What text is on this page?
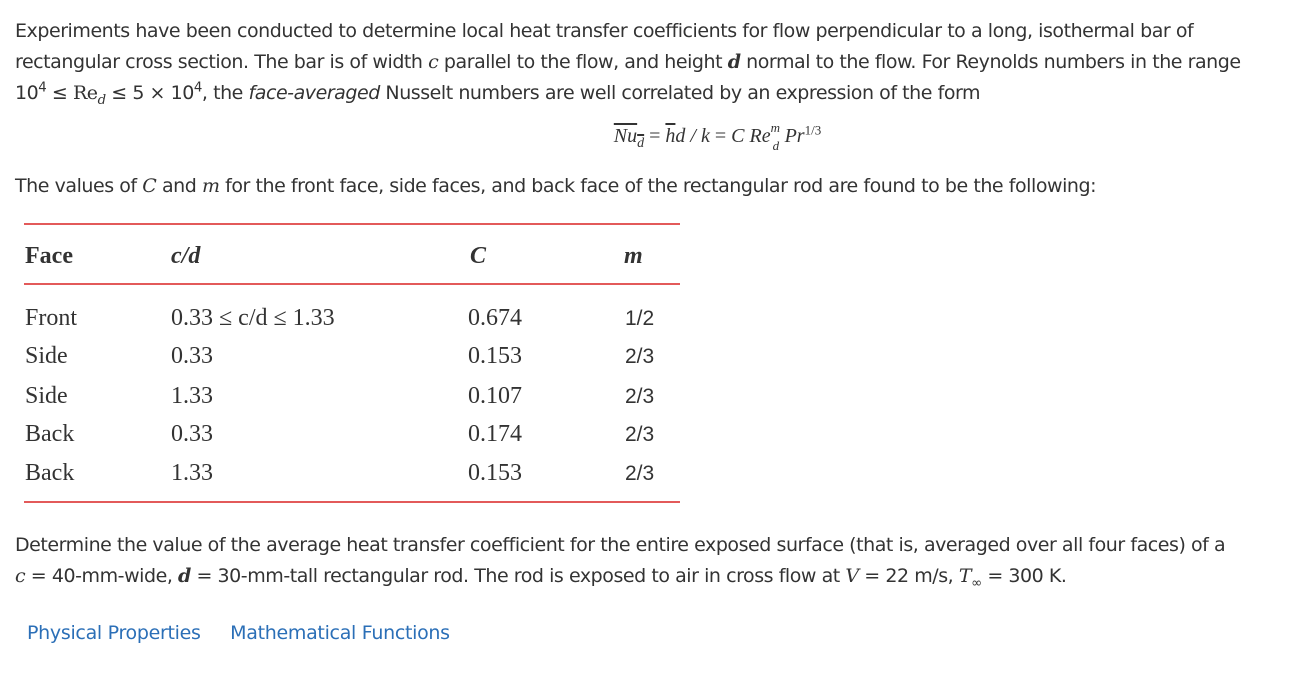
Experiments have been conducted to determine local heat transfer coefficients for flow perpendicular to a long, isothermal bar of
rectangular cross section. The bar is of width c parallel to the flow, and height d normal to the flow. For Reynolds numbers in the range
$10^4 \le Re_d \le 5 \times 10^4$, the face-averaged Nusselt numbers are well correlated by an expression of the form

$Nu_d = \overline{h}d / k = C$ Re m
d $Pr^{1/3}$

The values of C and m for the front face, side faces, and back face of the rectangular rod are found to be the following:

Face	c/d	C	m
Front	0.33 ≤ c/d ≤ 1.33	0.674	1/2
Side	0.33	0.153	2/3
Side	1.33	0.107	2/3
Back	0.33	0.174	2/3
Back	1.33	0.153	2/3

Determine the value of the average heat transfer coefficient for the entire exposed surface (that is, averaged over all four faces) of a
c = 40-mm-wide, d = 30-mm-tall rectangular rod. The rod is exposed to air in cross flow at V = 22 m/s, $T_\infty = 300$ K.

Physical Properties Mathematical Functions
